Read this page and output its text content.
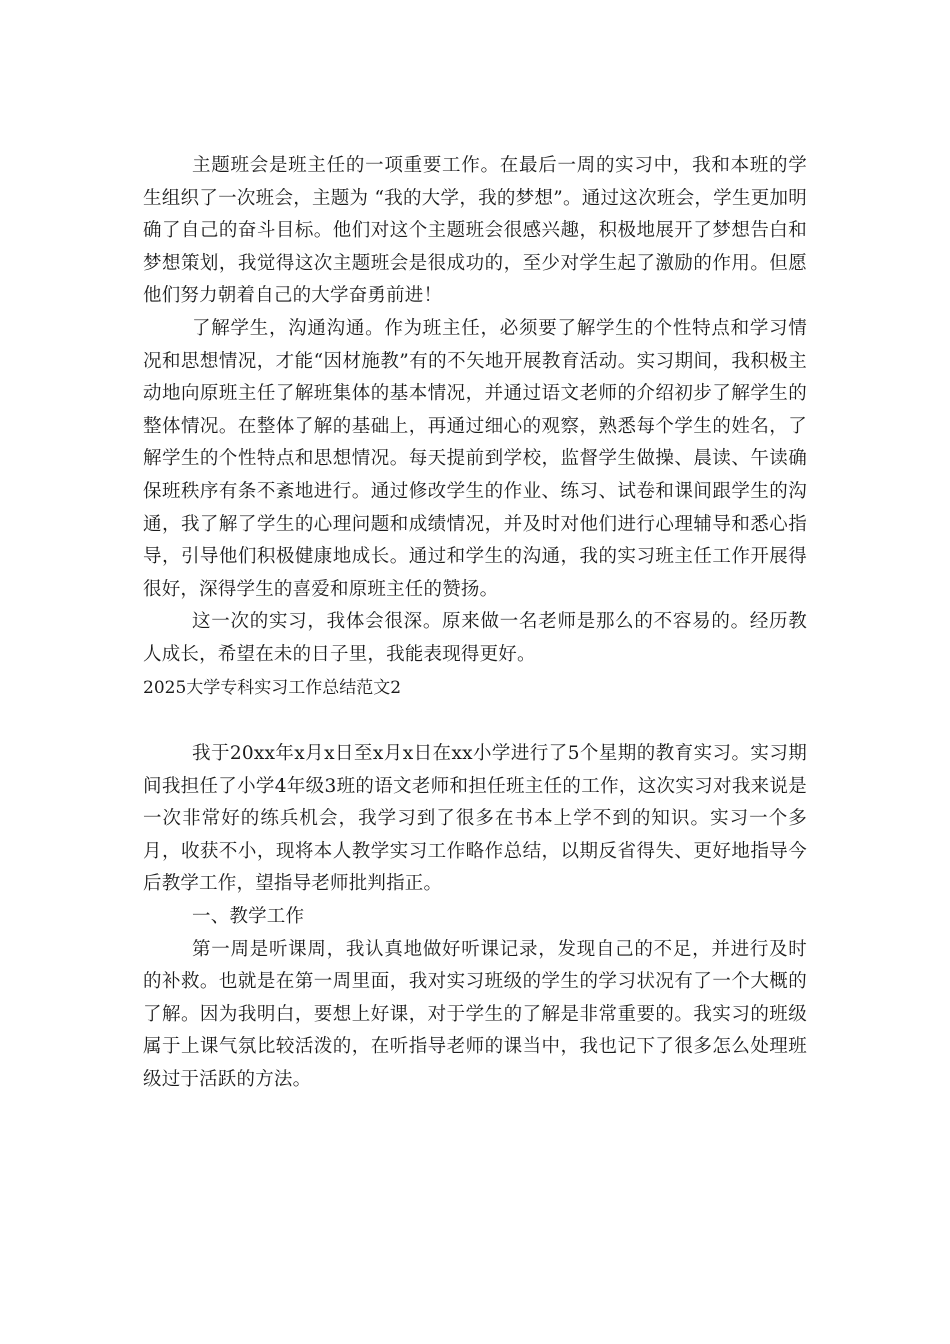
主题班会是班主任的一项重要工作。在最后一周的实习中，我和本班的学生组织了一次班会，主题为 “我的大学，我的梦想”。通过这次班会，学生更加明确了自己的奋斗目标。他们对这个主题班会很感兴趣，积极地展开了梦想告白和梦想策划，我觉得这次主题班会是很成功的，至少对学生起了激励的作用。但愿他们努力朝着自己的大学奋勇前进！

了解学生，沟通沟通。作为班主任，必须要了解学生的个性特点和学习情况和思想情况，才能“因材施教”有的不矢地开展教育活动。实习期间，我积极主动地向原班主任了解班集体的基本情况，并通过语文老师的介绍初步了解学生的整体情况。在整体了解的基础上，再通过细心的观察，熟悉每个学生的姓名，了解学生的个性特点和思想情况。每天提前到学校，监督学生做操、晨读、午读确保班秩序有条不紊地进行。通过修改学生的作业、练习、试卷和课间跟学生的沟通，我了解了学生的心理问题和成绩情况，并及时对他们进行心理辅导和悉心指导，引导他们积极健康地成长。通过和学生的沟通，我的实习班主任工作开展得很好，深得学生的喜爱和原班主任的赞扬。

这一次的实习，我体会很深。原来做一名老师是那么的不容易的。经历教人成长，希望在未的日子里，我能表现得更好。

2025大学专科实习工作总结范文2

我于20xx年x月x日至x月x日在xx小学进行了5个星期的教育实习。实习期间我担任了小学4年级3班的语文老师和担任班主任的工作，这次实习对我来说是一次非常好的练兵机会，我学习到了很多在书本上学不到的知识。实习一个多月，收获不小，现将本人教学实习工作略作总结，以期反省得失、更好地指导今后教学工作，望指导老师批判指正。

一、教学工作

第一周是听课周，我认真地做好听课记录，发现自己的不足，并进行及时的补救。也就是在第一周里面，我对实习班级的学生的学习状况有了一个大概的了解。因为我明白，要想上好课，对于学生的了解是非常重要的。我实习的班级属于上课气氛比较活泼的，在听指导老师的课当中，我也记下了很多怎么处理班级过于活跃的方法。
